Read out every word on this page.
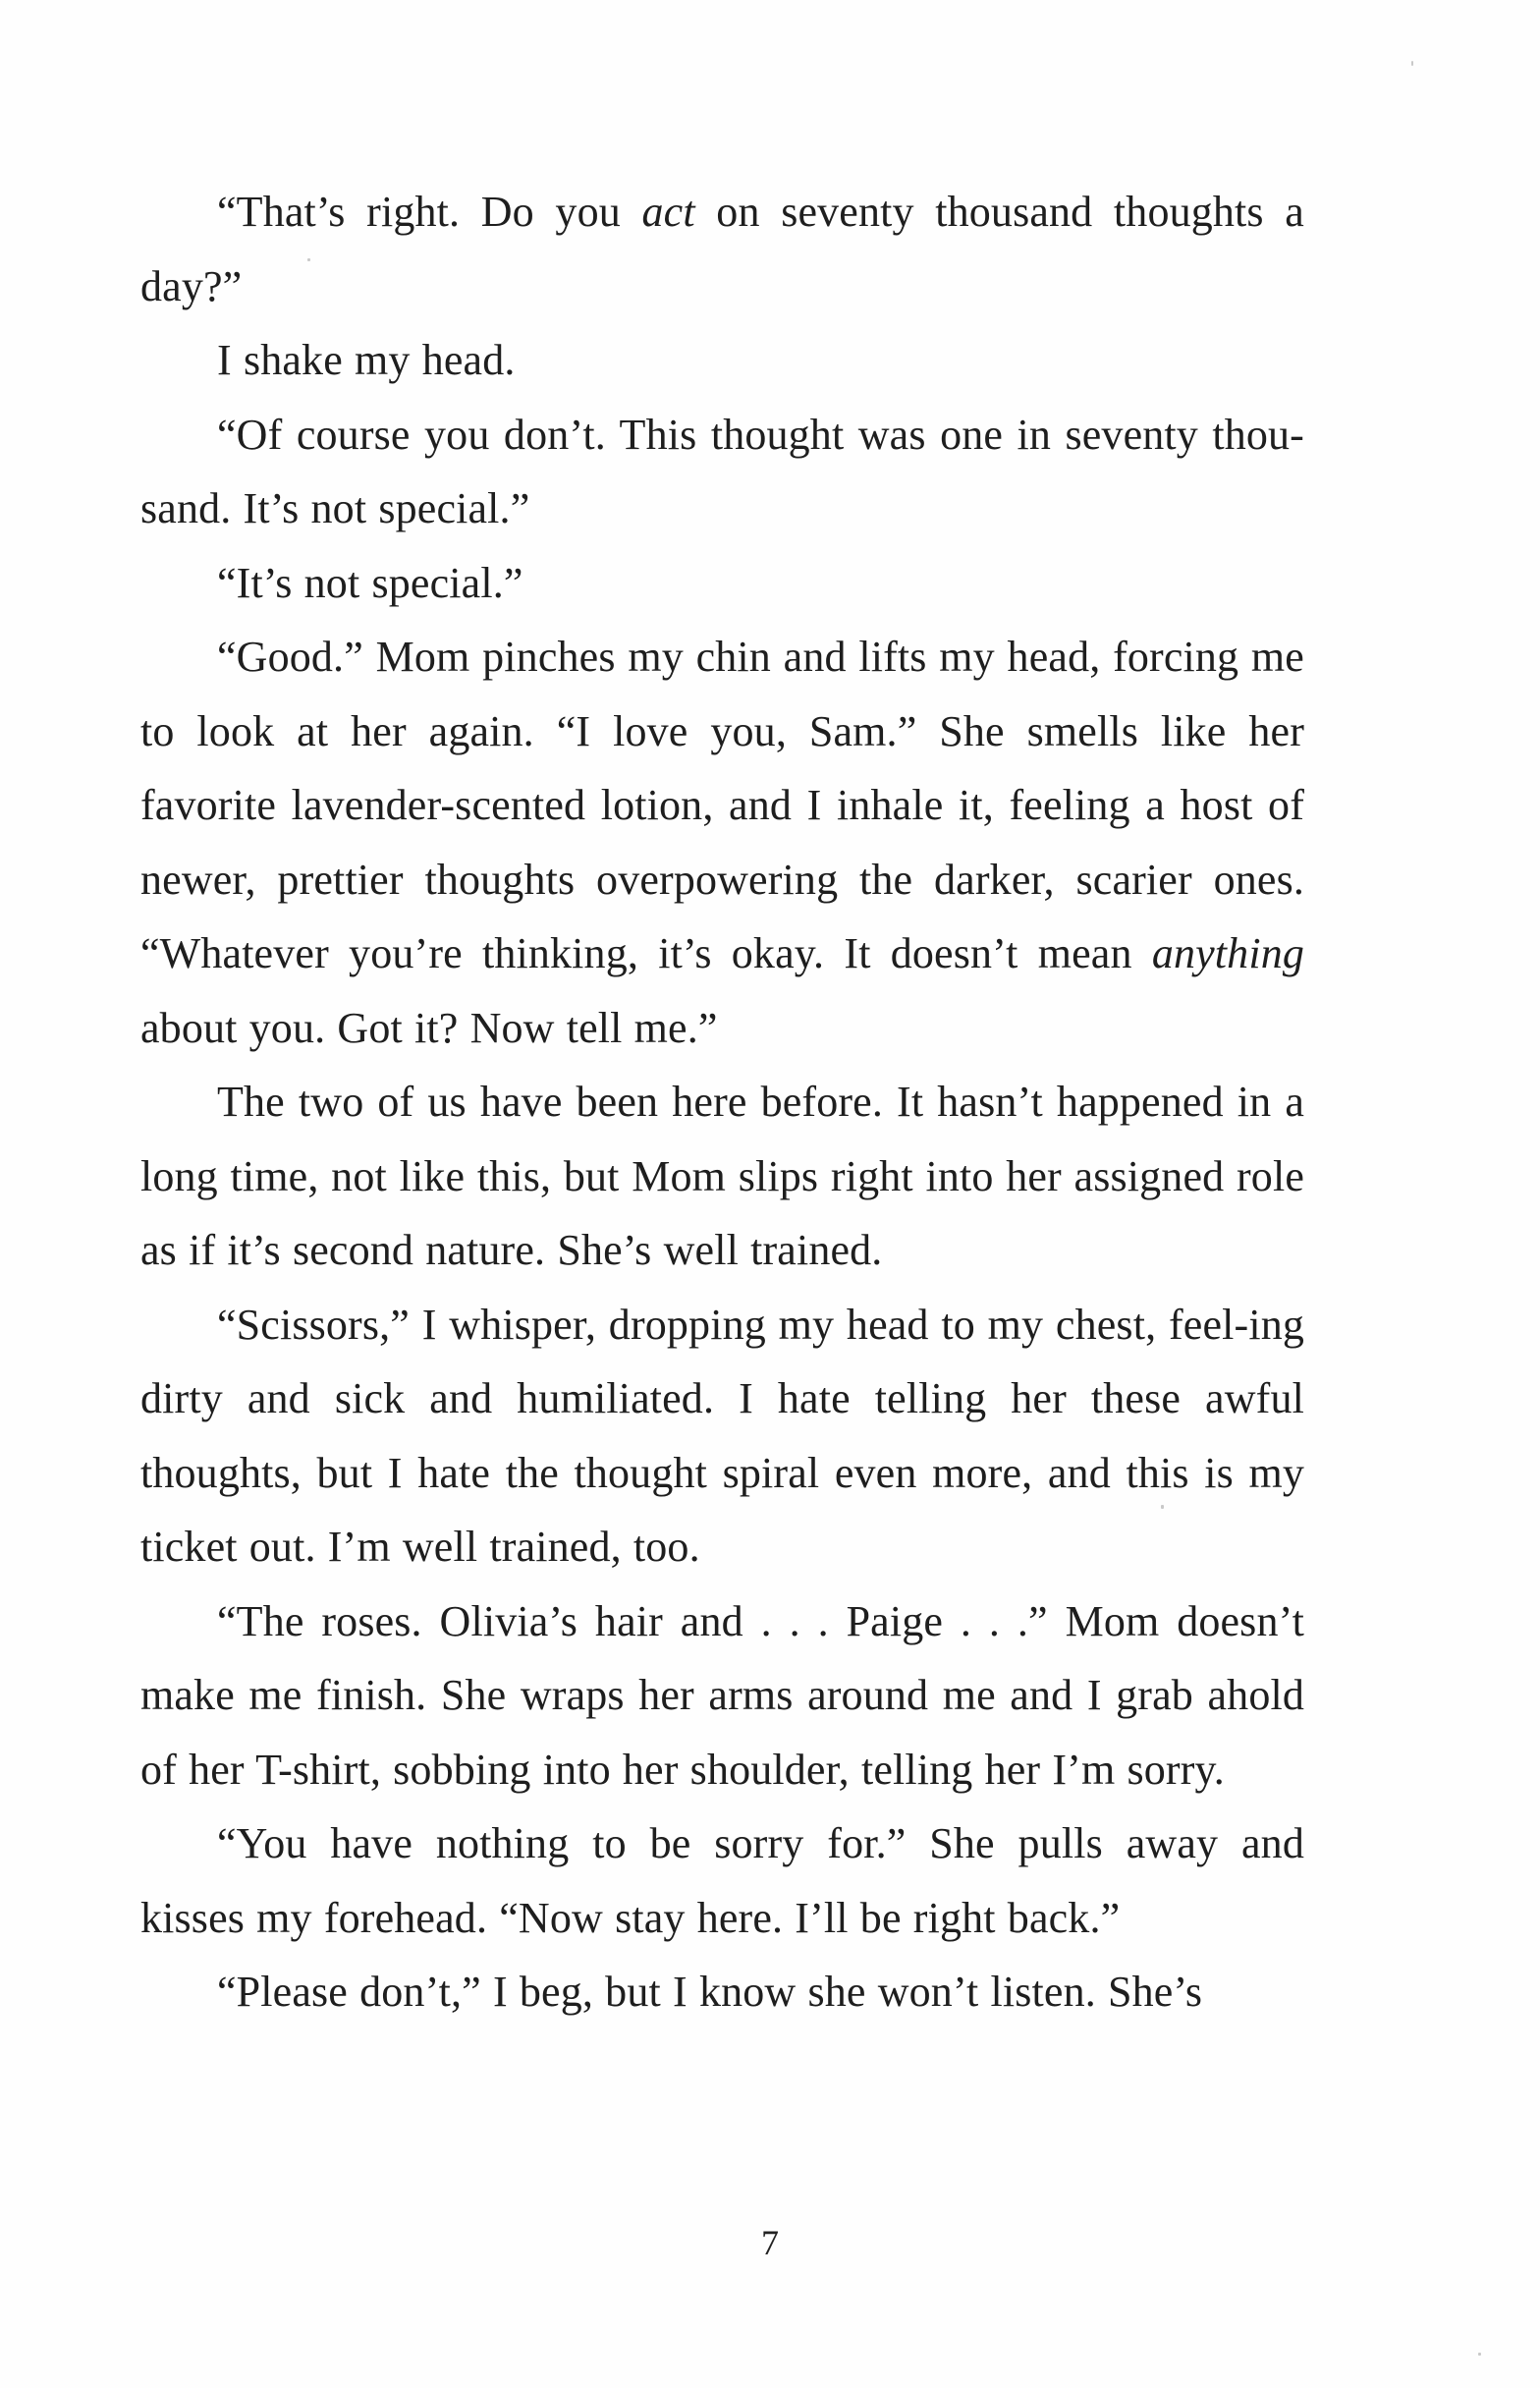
“That’s right. Do you act on seventy thousand thoughts a day?”

I shake my head.

“Of course you don’t. This thought was one in seventy thou-sand. It’s not special.”

“It’s not special.”

“Good.” Mom pinches my chin and lifts my head, forcing me to look at her again. “I love you, Sam.” She smells like her favorite lavender-scented lotion, and I inhale it, feeling a host of newer, prettier thoughts overpowering the darker, scarier ones. “Whatever you’re thinking, it’s okay. It doesn’t mean anything about you. Got it? Now tell me.”

The two of us have been here before. It hasn’t happened in a long time, not like this, but Mom slips right into her assigned role as if it’s second nature. She’s well trained.

“Scissors,” I whisper, dropping my head to my chest, feel-ing dirty and sick and humiliated. I hate telling her these awful thoughts, but I hate the thought spiral even more, and this is my ticket out. I’m well trained, too.

“The roses. Olivia’s hair and . . . Paige . . .” Mom doesn’t make me finish. She wraps her arms around me and I grab ahold of her T-shirt, sobbing into her shoulder, telling her I’m sorry.

“You have nothing to be sorry for.” She pulls away and kisses my forehead. “Now stay here. I’ll be right back.”

“Please don’t,” I beg, but I know she won’t listen. She’s

7
